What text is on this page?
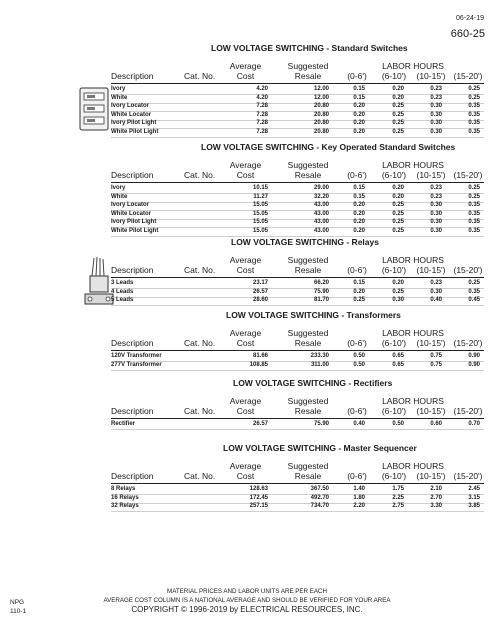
06-24-19
660-25
LOW VOLTAGE SWITCHING - Standard Switches
Average	Suggested	LABOR HOURS
Description	Cat. No.	Cost	Resale	(0-6')	(6-10')	(10-15') (15-20')
Ivory	4.20	12.00	0.15	0.20	0.23	0.25
White	4.20	12.00	0.15	0.20	0.23	0.25
Ivory Locator	7.28	20.80	0.20	0.25	0.30	0.35
White Locator	7.28	20.80	0.20	0.25	0.30	0.35
Ivory Pilot Light	7.28	20.80	0.20	0.25	0.30	0.35
White Pilot Light	7.28	20.80	0.20	0.25	0.30	0.35
LOW VOLTAGE SWITCHING - Key Operated Standard Switches
Average	Suggested	LABOR HOURS
Description	Cat. No.	Cost	Resale	(0-6')	(6-10')	(10-15') (15-20')
Ivory	10.15	29.00	0.15	0.20	0.23	0.25
White	11.27	32.20	0.15	0.20	0.23	0.25
Ivory Locator	15.05	43.00	0.20	0.25	0.30	0.35
White Locator	15.05	43.00	0.20	0.25	0.30	0.35
Ivory Pilot Light	15.05	43.00	0.20	0.25	0.30	0.35
White Pilot Light	15.05	43.00	0.20	0.25	0.30	0.35
LOW VOLTAGE SWITCHING - Relays
Average	Suggested	LABOR HOURS
Description	Cat. No.	Cost	Resale	(0-6')	(6-10')	(10-15') (15-20')
3 Leads	23.17	66.20	0.15	0.20	0.23	0.25
4 Leads	26.57	75.90	0.20	0.25	0.30	0.35
5 Leads	28.60	81.70	0.25	0.30	0.40	0.45
LOW VOLTAGE SWITCHING - Transformers
Average	Suggested	LABOR HOURS
Description	Cat. No.	Cost	Resale	(0-6')	(6-10')	(10-15') (15-20')
120V Transformer	81.66	233.30	0.50	0.65	0.75	0.90
277V Transformer	108.85	311.00	0.50	0.65	0.75	0.90
LOW VOLTAGE SWITCHING - Rectifiers
Average	Suggested	LABOR HOURS
Description	Cat. No.	Cost	Resale	(0-6')	(6-10')	(10-15') (15-20')
Rectifier	26.57	75.90	0.40	0.50	0.60	0.70
LOW VOLTAGE SWITCHING - Master Sequencer
Average	Suggested	LABOR HOURS
Description	Cat. No.	Cost	Resale	(0-6')	(6-10')	(10-15') (15-20')
8 Relays	128.63	367.50	1.40	1.75	2.10	2.45
16 Relays	172.45	492.70	1.80	2.25	2.70	3.15
32 Relays	257.15	734.70	2.20	2.75	3.30	3.85
NPG
110-1
MATERIAL PRICES AND LABOR UNITS ARE PER EACH
AVERAGE COST COLUMN IS A NATIONAL AVERAGE AND SHOULD BE VERIFIED FOR YOUR AREA
COPYRIGHT © 1996-2019 by ELECTRICAL RESOURCES, INC.
